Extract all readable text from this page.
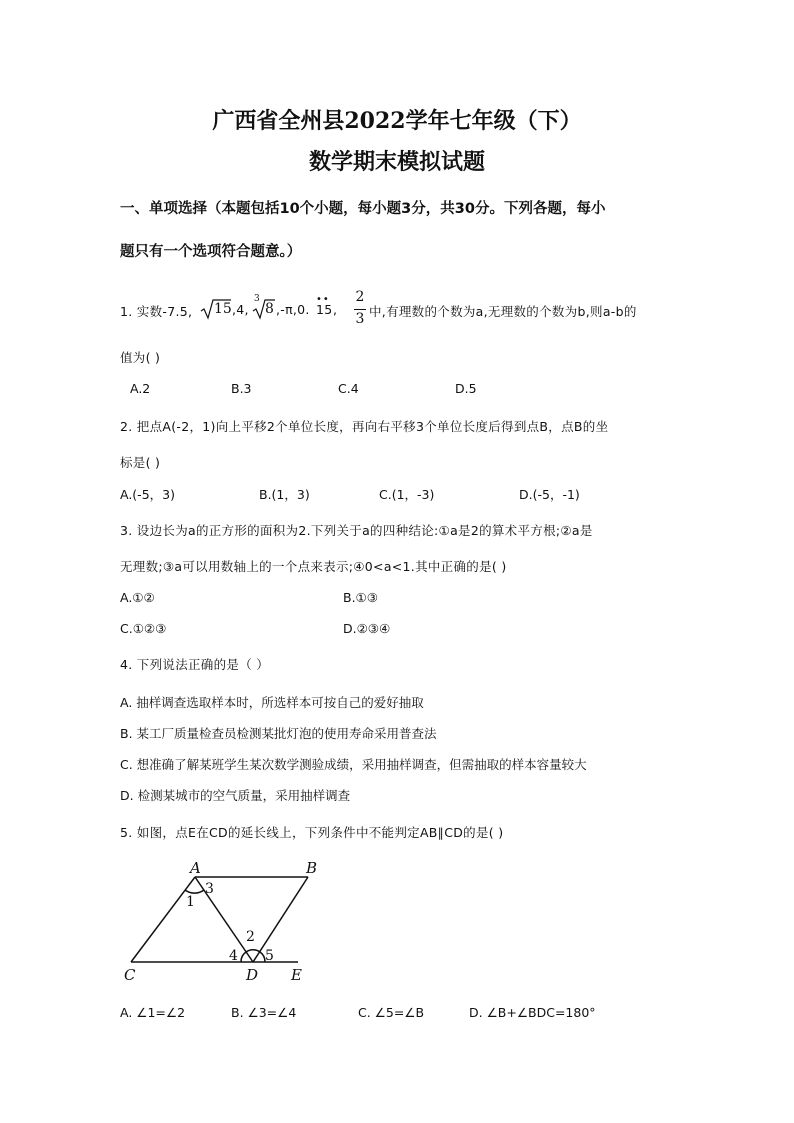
广西省全州县2022学年七年级（下）
数学期末模拟试题
一、单项选择（本题包括10个小题，每小题3分，共30分。下列各题，每小
题只有一个选项符合题意。）
1. 实数-7.5, 15 ,4,
3
8 ,-π,0.
••
15 ,
2
3 中,有理数的个数为a,无理数的个数为b,则a-b的
值为( )
A.2	B.3	C.4	D.5
2. 把点A(-2，1)向上平移2个单位长度，再向右平移3个单位长度后得到点B，点B的坐
标是( )
A.(-5，3)	B.(1，3)	C.(1，-3)	D.(-5，-1)
3. 设边长为a的正方形的面积为2.下列关于a的四种结论:①a是2的算术平方根;②a是
无理数;③a可以用数轴上的一个点来表示;④0<a<1.其中正确的是( )
A.①②	B.①③
C.①②③	D.②③④
4. 下列说法正确的是（ ）
A. 抽样调查选取样本时，所选样本可按自己的爱好抽取
B. 某工厂质量检查员检测某批灯泡的使用寿命采用普查法
C. 想准确了解某班学生某次数学测验成绩，采用抽样调查，但需抽取的样本容量较大
D. 检测某城市的空气质量，采用抽样调查
5. 如图，点E在CD的延长线上，下列条件中不能判定AB∥CD的是( )
A	B
C	D E
1
2
3
4 5
A. ∠1=∠2	B. ∠3=∠4	C. ∠5=∠B	D. ∠B+∠BDC=180°
